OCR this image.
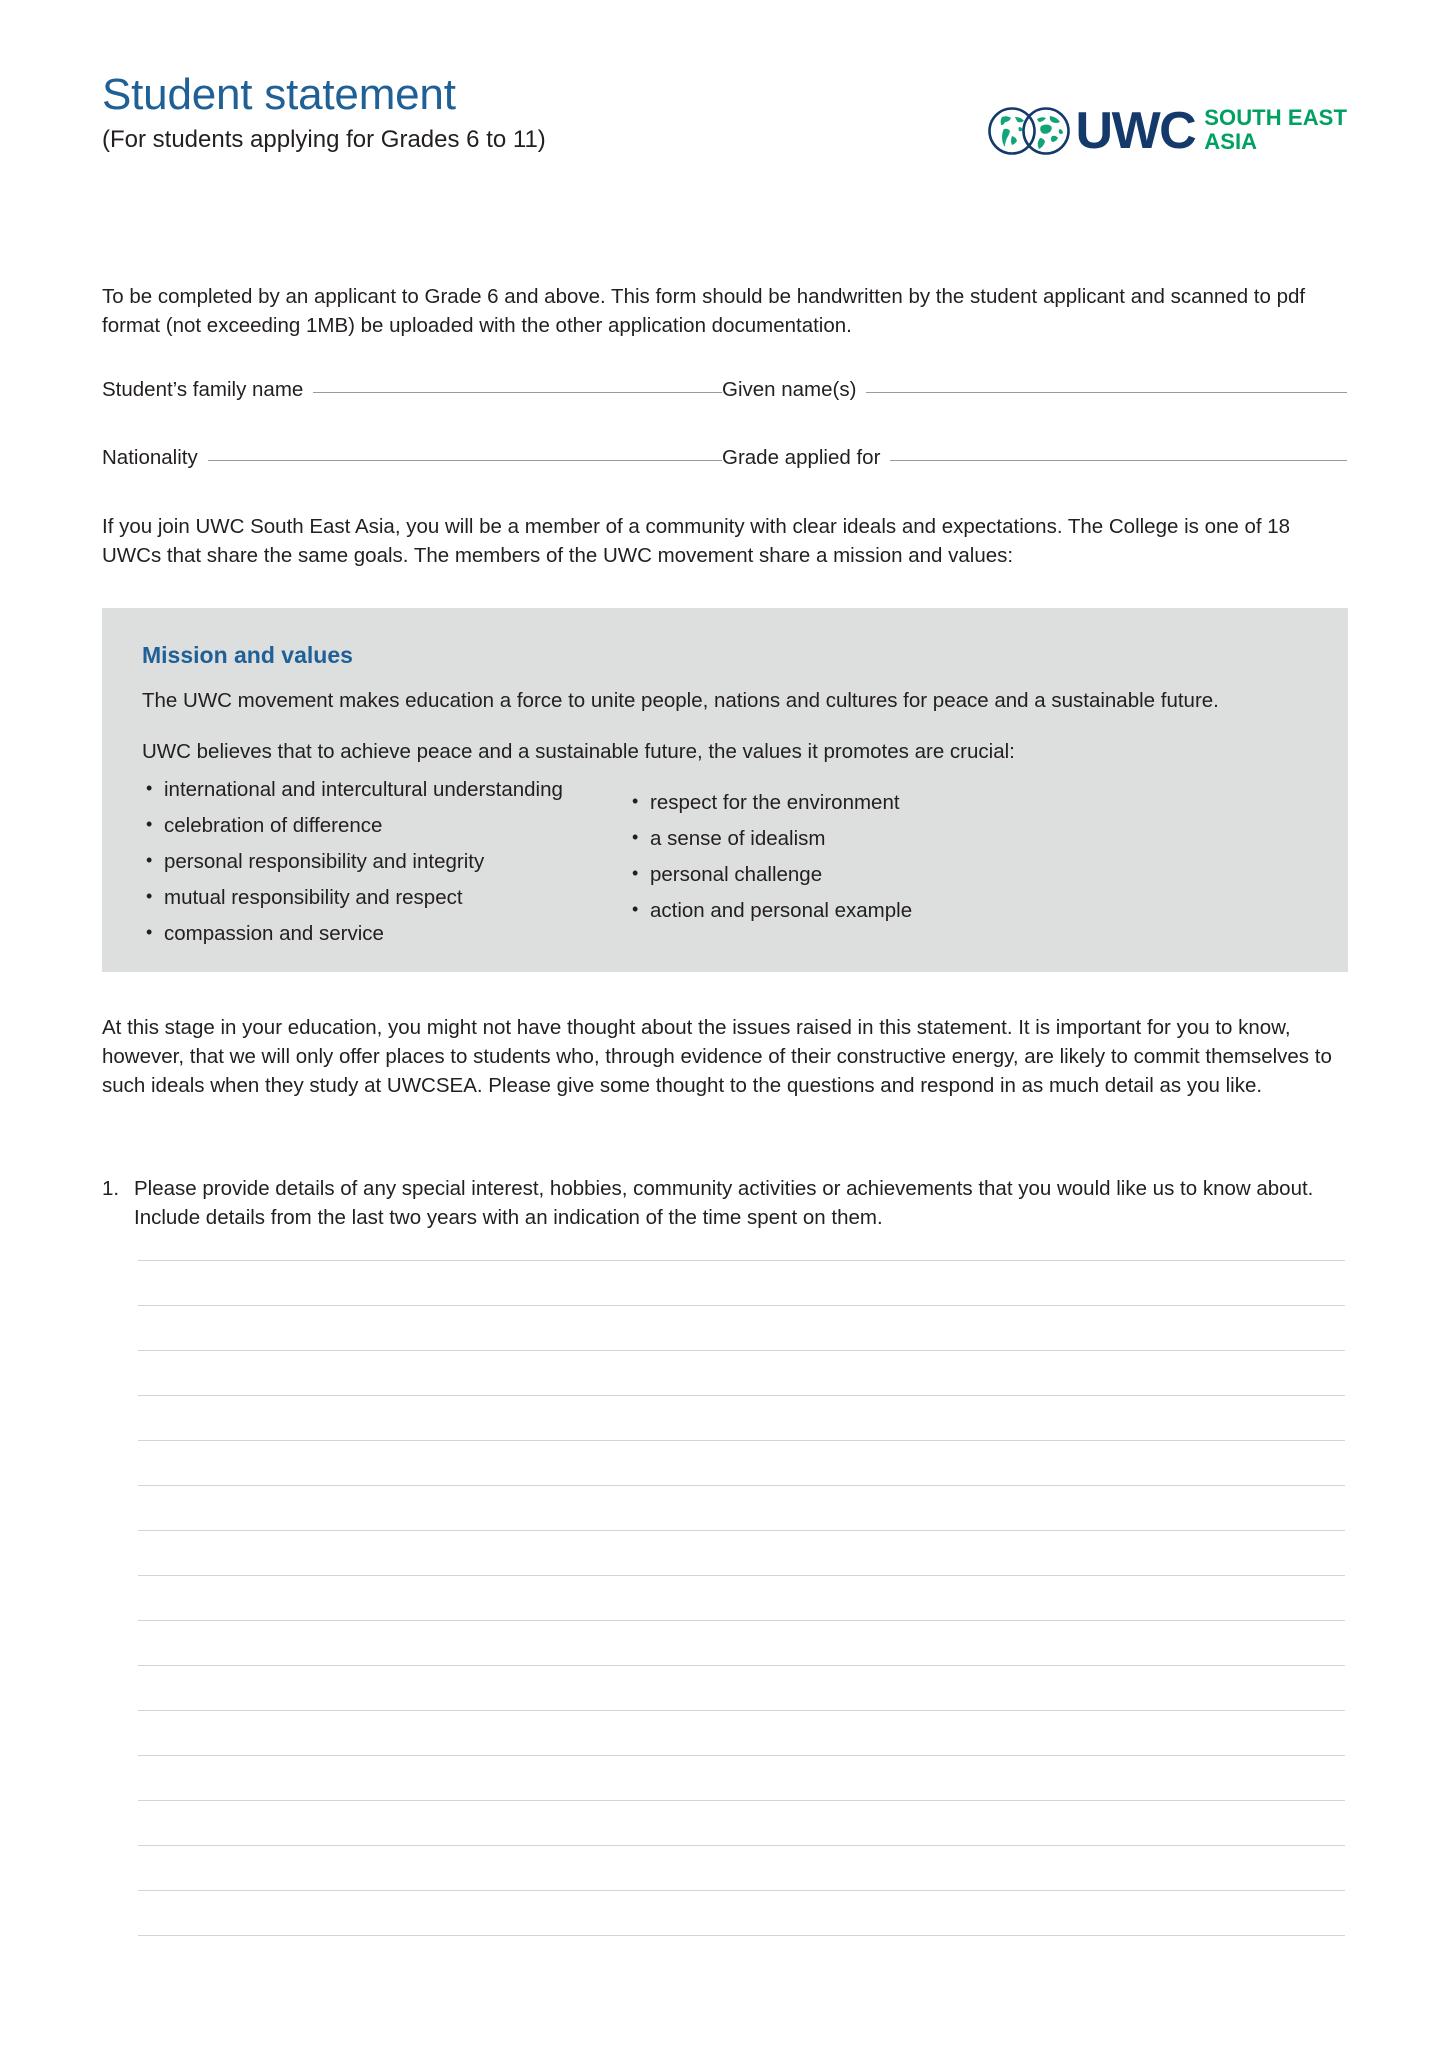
Student statement
(For students applying for Grades 6 to 11)	UWC SOUTH EAST
ASIA

To be completed by an applicant to Grade 6 and above. This form should be handwritten by the student applicant and scanned to pdf format (not exceeding 1MB) be uploaded with the other application documentation.

Student’s family name	Given name(s)
Nationality	Grade applied for

If you join UWC South East Asia, you will be a member of a community with clear ideals and expectations. The College is one of 18 UWCs that share the same goals. The members of the UWC movement share a mission and values:

Mission and values

The UWC movement makes education a force to unite people, nations and cultures for peace and a sustainable future.

UWC believes that to achieve peace and a sustainable future, the values it promotes are crucial:

• international and intercultural understanding
• celebration of difference
• personal responsibility and integrity
• mutual responsibility and respect
• compassion and service
• respect for the environment
• a sense of idealism
• personal challenge
• action and personal example

At this stage in your education, you might not have thought about the issues raised in this statement. It is important for you to know, however, that we will only offer places to students who, through evidence of their constructive energy, are likely to commit themselves to such ideals when they study at UWCSEA. Please give some thought to the questions and respond in as much detail as you like.

1. Please provide details of any special interest, hobbies, community activities or achievements that you would like us to know about. Include details from the last two years with an indication of the time spent on them.
